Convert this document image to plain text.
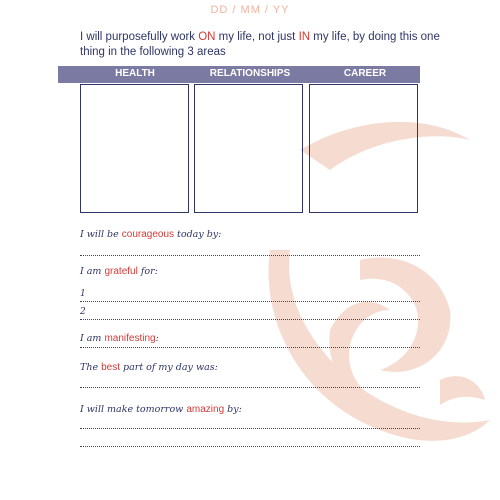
DD / MM / YY
I will purposefully work ON my life, not just IN my life, by doing this one thing in the following 3 areas
HEALTH	RELATIONSHIPS	CAREER
I will be courageous today by:
I am grateful for:
1
2
I am manifesting:
The best part of my day was:
I will make tomorrow amazing by:
